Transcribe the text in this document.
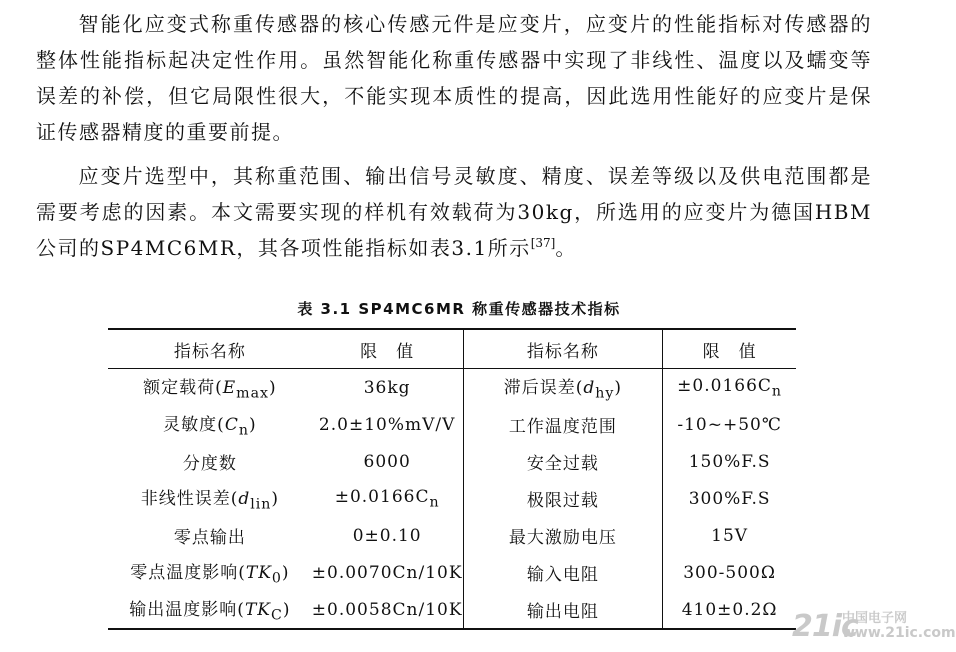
智能化应变式称重传感器的核心传感元件是应变片，应变片的性能指标对传感器的整体性能指标起决定性作用。虽然智能化称重传感器中实现了非线性、温度以及蠕变等误差的补偿，但它局限性很大，不能实现本质性的提高，因此选用性能好的应变片是保证传感器精度的重要前提。

应变片选型中，其称重范围、输出信号灵敏度、精度、误差等级以及供电范围都是需要考虑的因素。本文需要实现的样机有效载荷为30kg，所选用的应变片为德国HBM公司的SP4MC6MR，其各项性能指标如表3.1所示[37]。

表 3.1 SP4MC6MR 称重传感器技术指标
指标名称	限　值	指标名称	限　值
额定载荷$(E_{max})$	36kg	滞后误差$(d_{hy})$	$\pm 0.0166C_n$
灵敏度$(C_n)$	2.0±10%mV/V	工作温度范围	-10~+50℃
分度数	6000	安全过载	150%F.S
非线性误差$(d_{lin})$	$\pm 0.0166C_n$	极限过载	300%F.S
零点输出	0±0.10	最大激励电压	15V
零点温度影响$(TK_0)$	±0.0070Cn/10K	输入电阻	300-500Ω
输出温度影响$(TK_C)$	±0.0058Cn/10K	输出电阻	410±0.2Ω 21ic
中国电子网
www.21ic.com
